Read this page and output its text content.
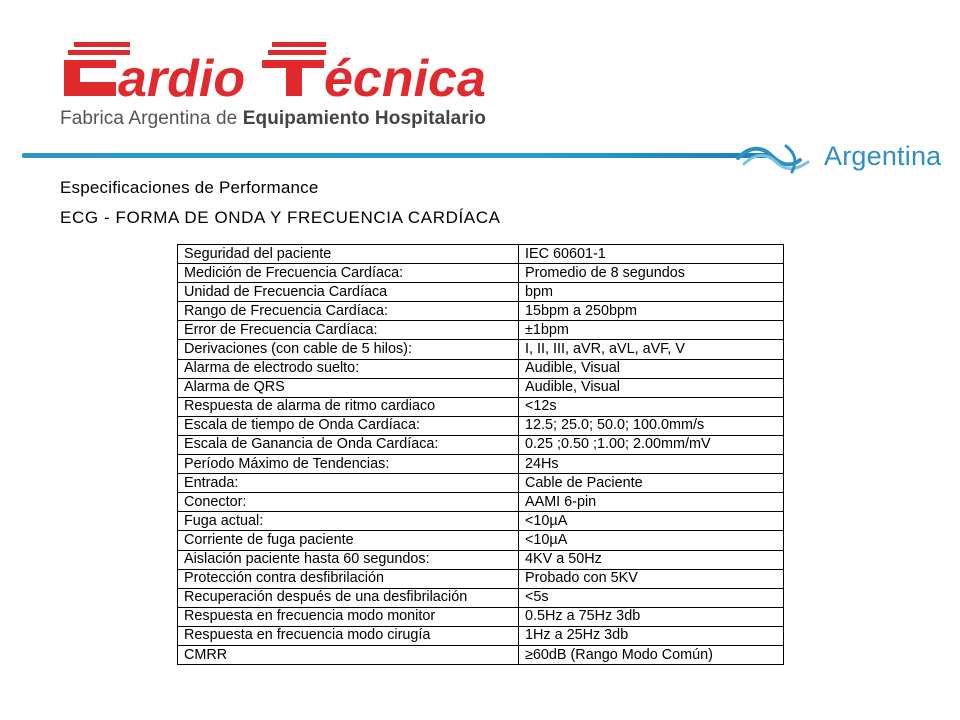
ardio écnica
Fabrica Argentina de Equipamiento Hospitalario
Argentina
Especificaciones de Performance
ECG - FORMA DE ONDA Y FRECUENCIA CARDÍACA
Seguridad del paciente	IEC 60601-1
Medición de Frecuencia Cardíaca:	Promedio de 8 segundos
Unidad de Frecuencia Cardíaca	bpm
Rango de Frecuencia Cardíaca:	15bpm a 250bpm
Error de Frecuencia Cardíaca:	±1bpm
Derivaciones (con cable de 5 hilos):	I, II, III, aVR, aVL, aVF, V
Alarma de electrodo suelto:	Audible, Visual
Alarma de QRS	Audible, Visual
Respuesta de alarma de ritmo cardiaco	<12s
Escala de tiempo de Onda Cardíaca:	12.5; 25.0; 50.0; 100.0mm/s
Escala de Ganancia de Onda Cardíaca:	0.25 ;0.50 ;1.00; 2.00mm/mV
Período Máximo de Tendencias:	24Hs
Entrada:	Cable de Paciente
Conector:	AAMI 6-pin
Fuga actual:	<10µA
Corriente de fuga paciente	<10µA
Aislación paciente hasta 60 segundos:	4KV a 50Hz
Protección contra desfibrilación	Probado con 5KV
Recuperación después de una desfibrilación	<5s
Respuesta en frecuencia modo monitor	0.5Hz a 75Hz 3db
Respuesta en frecuencia modo cirugía	1Hz a 25Hz 3db
CMRR	≥60dB (Rango Modo Común)
